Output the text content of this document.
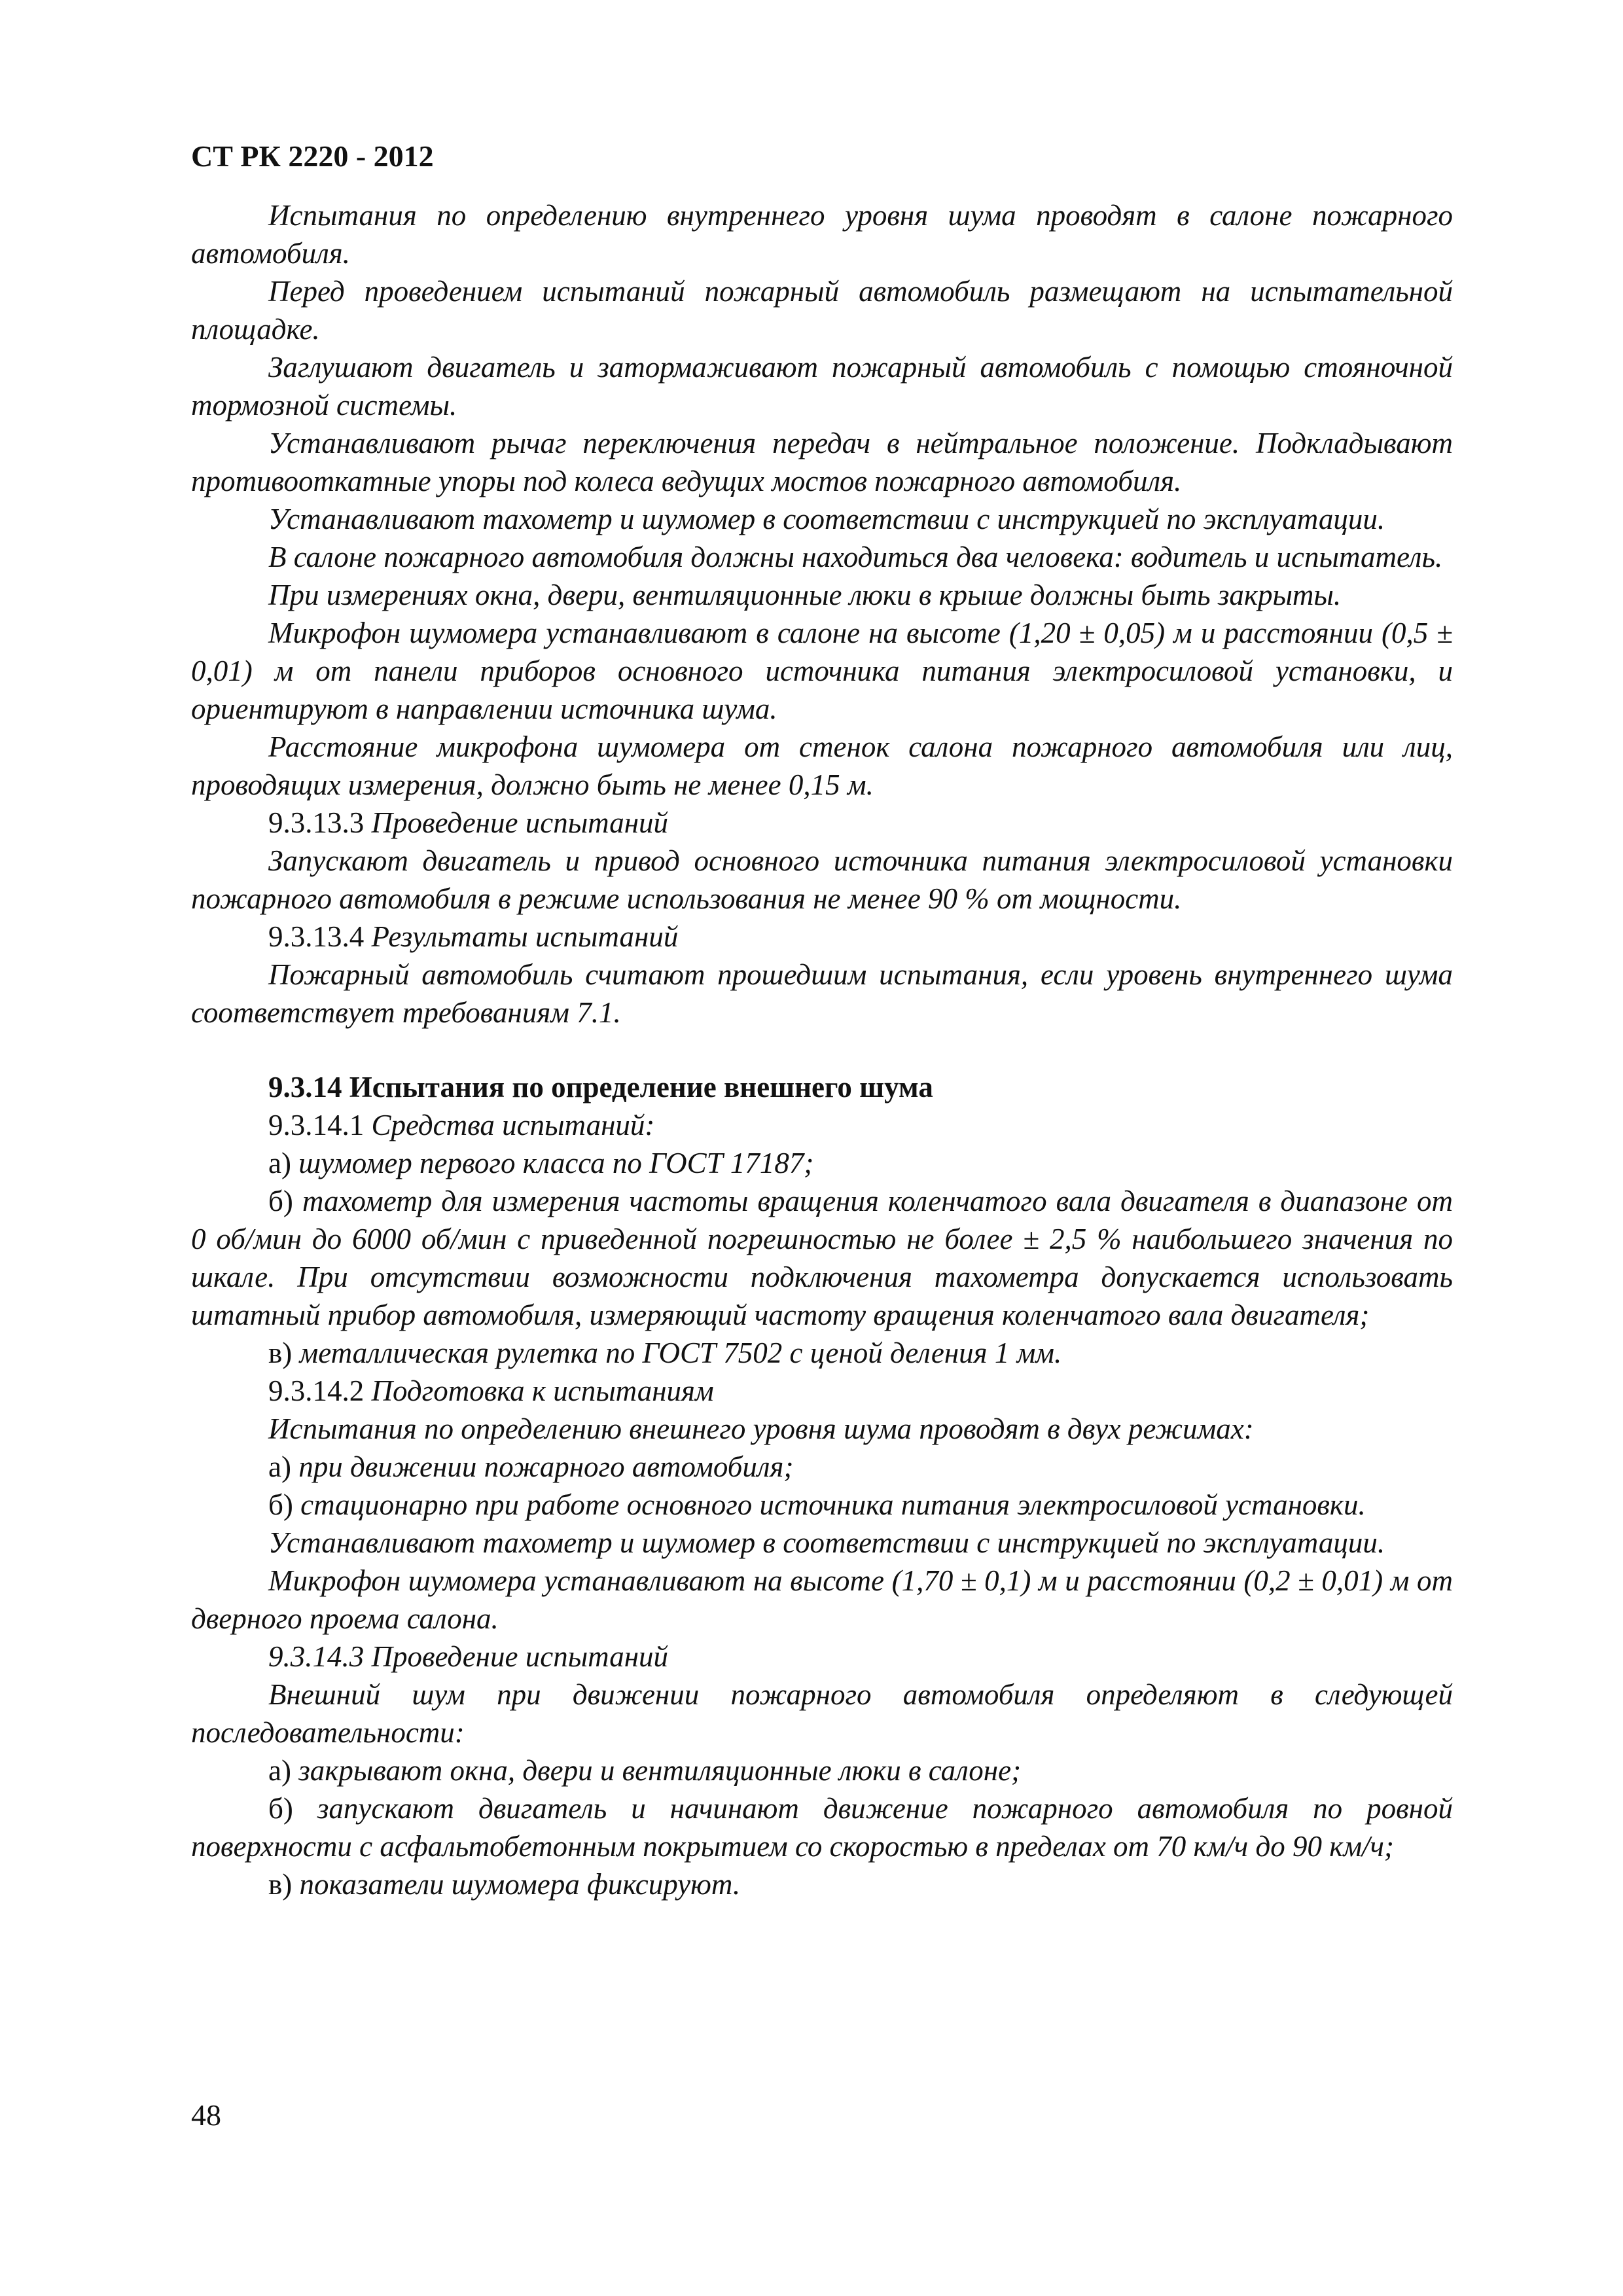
СТ РК 2220 - 2012

Испытания по определению внутреннего уровня шума проводят в салоне пожарного автомобиля.

Перед проведением испытаний пожарный автомобиль размещают на испытательной площадке.

Заглушают двигатель и затормаживают пожарный автомобиль с помощью стояночной тормозной системы.

Устанавливают рычаг переключения передач в нейтральное положение. Подкладывают противооткатные упоры под колеса ведущих мостов пожарного автомобиля.

Устанавливают тахометр и шумомер в соответствии с инструкцией по эксплуатации.

В салоне пожарного автомобиля должны находиться два человека: водитель и испытатель.

При измерениях окна, двери, вентиляционные люки в крыше должны быть закрыты.

Микрофон шумомера устанавливают в салоне на высоте (1,20 ± 0,05) м и расстоянии (0,5 ± 0,01) м от панели приборов основного источника питания электросиловой установки, и ориентируют в направлении источника шума.

Расстояние микрофона шумомера от стенок салона пожарного автомобиля или лиц, проводящих измерения, должно быть не менее 0,15 м.

9.3.13.3 Проведение испытаний

Запускают двигатель и привод основного источника питания электросиловой установки пожарного автомобиля в режиме использования не менее 90 % от мощности.

9.3.13.4 Результаты испытаний

Пожарный автомобиль считают прошедшим испытания, если уровень внутреннего шума соответствует требованиям 7.1.

9.3.14 Испытания по определение внешнего шума

9.3.14.1 Средства испытаний:

а) шумомер первого класса по ГОСТ 17187;

б) тахометр для измерения частоты вращения коленчатого вала двигателя в диапазоне от 0 об/мин до 6000 об/мин с приведенной погрешностью не более ± 2,5 % наибольшего значения по шкале. При отсутствии возможности подключения тахометра допускается использовать штатный прибор автомобиля, измеряющий частоту вращения коленчатого вала двигателя;

в) металлическая рулетка по ГОСТ 7502 с ценой деления 1 мм.

9.3.14.2 Подготовка к испытаниям

Испытания по определению внешнего уровня шума проводят в двух режимах:

а) при движении пожарного автомобиля;

б) стационарно при работе основного источника питания электросиловой установки.

Устанавливают тахометр и шумомер в соответствии с инструкцией по эксплуатации.

Микрофон шумомера устанавливают на высоте (1,70 ± 0,1) м и расстоянии (0,2 ± 0,01) м от дверного проема салона.

9.3.14.3 Проведение испытаний

Внешний шум при движении пожарного автомобиля определяют в следующей последовательности:

а) закрывают окна, двери и вентиляционные люки в салоне;

б) запускают двигатель и начинают движение пожарного автомобиля по ровной поверхности с асфальтобетонным покрытием со скоростью в пределах от 70 км/ч до 90 км/ч;

в) показатели шумомера фиксируют.

48
